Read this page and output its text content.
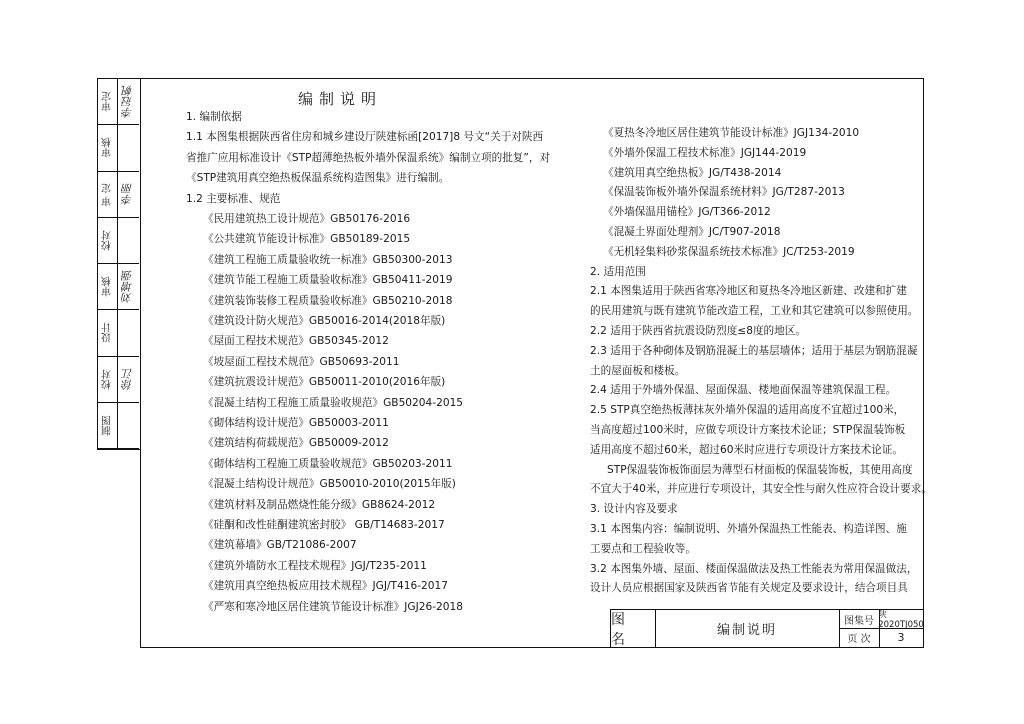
审定 李冠帆
审核
审 定 李丽
校对
审核 刘增强
设计
校对 徐江
制图
编制说明
图 名
编制说明
图集号
陕2020TJ050
页 次	3
1. 编制依据
1.1 本图集根据陕西省住房和城乡建设厅陕建标函[2017]8 号文“关于对陕西
省推广应用标准设计《STP超薄绝热板外墙外保温系统》编制立项的批复”，对
《STP建筑用真空绝热板保温系统构造图集》进行编制。
1.2 主要标准、规范
《民用建筑热工设计规范》GB50176-2016
《公共建筑节能设计标准》GB50189-2015
《建筑工程施工质量验收统一标准》GB50300-2013
《建筑节能工程施工质量验收标准》GB50411-2019
《建筑装饰装修工程质量验收标准》GB50210-2018
《建筑设计防火规范》GB50016-2014(2018年版)
《屋面工程技术规范》GB50345-2012
《坡屋面工程技术规范》GB50693-2011
《建筑抗震设计规范》GB50011-2010(2016年版)
《混凝土结构工程施工质量验收规范》GB50204-2015
《砌体结构设计规范》GB50003-2011
《建筑结构荷载规范》GB50009-2012
《砌体结构工程施工质量验收规范》GB50203-2011
《混凝土结构设计规范》GB50010-2010(2015年版)
《建筑材料及制品燃烧性能分级》GB8624-2012
《硅酮和改性硅酮建筑密封胶》 GB/T14683-2017
《建筑幕墙》GB/T21086-2007
《建筑外墙防水工程技术规程》JGJ/T235-2011
《建筑用真空绝热板应用技术规程》JGJ/T416-2017
《严寒和寒冷地区居住建筑节能设计标准》JGJ26-2018
《夏热冬冷地区居住建筑节能设计标准》JGJ134-2010
《外墙外保温工程技术标准》JGJ144-2019
《建筑用真空绝热板》JG/T438-2014
《保温装饰板外墙外保温系统材料》JG/T287-2013
《外墙保温用锚栓》JG/T366-2012
《混凝土界面处理剂》JC/T907-2018
《无机轻集料砂浆保温系统技术标准》JC/T253-2019
2. 适用范围
2.1 本图集适用于陕西省寒冷地区和夏热冬冷地区新建、改建和扩建
的民用建筑与既有建筑节能改造工程，工业和其它建筑可以参照使用。
2.2 适用于陕西省抗震设防烈度≤8度的地区。
2.3 适用于各种砌体及钢筋混凝土的基层墙体；适用于基层为钢筋混凝
土的屋面板和楼板。
2.4 适用于外墙外保温、屋面保温、楼地面保温等建筑保温工程。
2.5 STP真空绝热板薄抹灰外墙外保温的适用高度不宜超过100米，
当高度超过100米时，应做专项设计方案技术论证；STP保温装饰板
适用高度不超过60米，超过60米时应进行专项设计方案技术论证。
STP保温装饰板饰面层为薄型石材面板的保温装饰板，其使用高度
不宜大于40米，并应进行专项设计，其安全性与耐久性应符合设计要求。
3. 设计内容及要求
3.1 本图集内容：编制说明、外墙外保温热工性能表、构造详图、施
工要点和工程验收等。
3.2 本图集外墙、屋面、楼面保温做法及热工性能表为常用保温做法，
设计人员应根据国家及陕西省节能有关规定及要求设计，结合项目具
